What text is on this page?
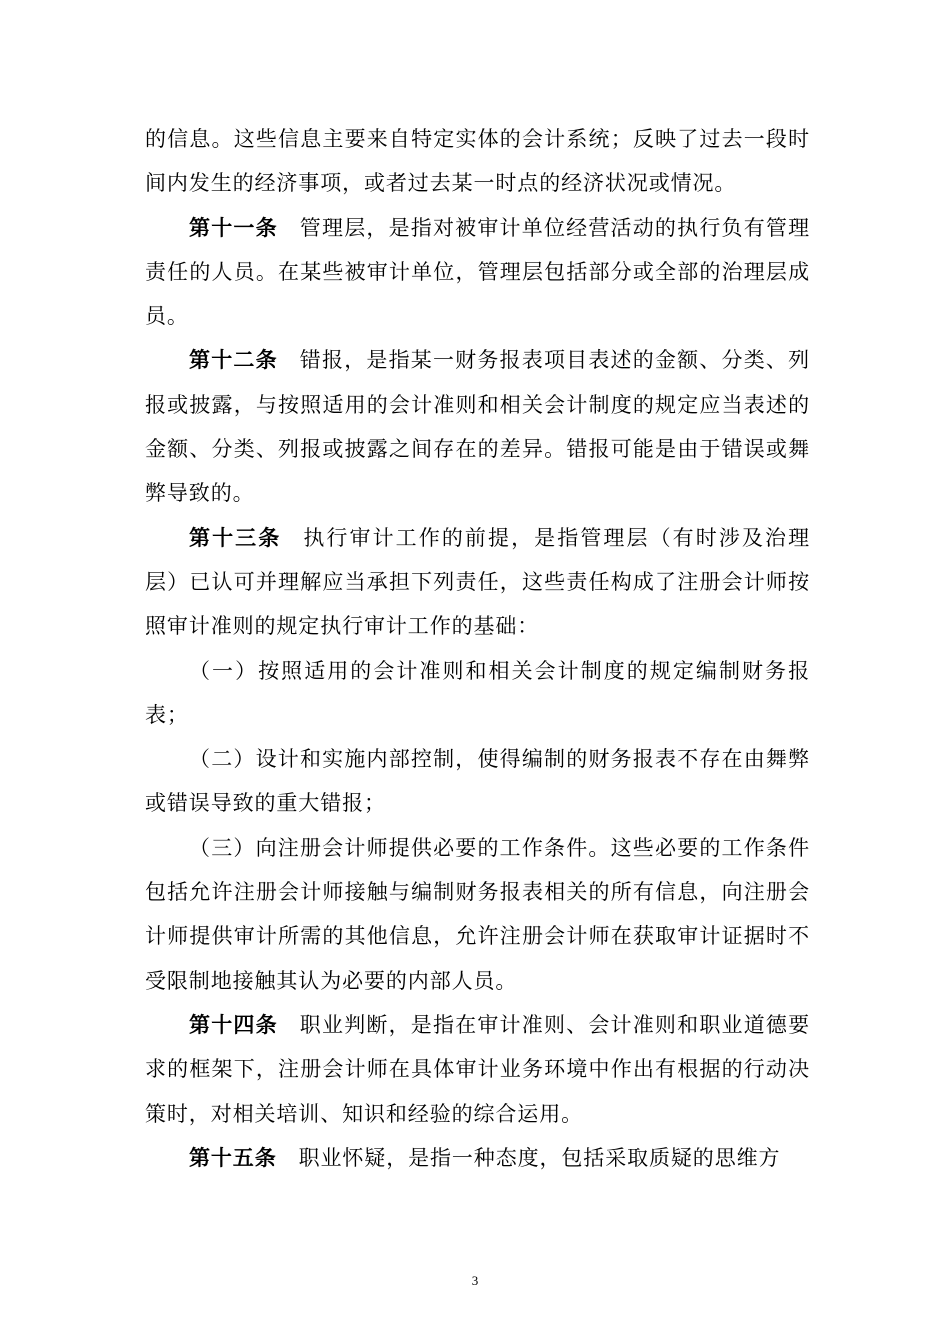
的信息。这些信息主要来自特定实体的会计系统；反映了过去一段时间内发生的经济事项，或者过去某一时点的经济状况或情况。

第十一条 管理层，是指对被审计单位经营活动的执行负有管理责任的人员。在某些被审计单位，管理层包括部分或全部的治理层成员。

第十二条 错报，是指某一财务报表项目表述的金额、分类、列报或披露，与按照适用的会计准则和相关会计制度的规定应当表述的金额、分类、列报或披露之间存在的差异。错报可能是由于错误或舞弊导致的。

第十三条 执行审计工作的前提，是指管理层（有时涉及治理层）已认可并理解应当承担下列责任，这些责任构成了注册会计师按照审计准则的规定执行审计工作的基础：

（一）按照适用的会计准则和相关会计制度的规定编制财务报表；

（二）设计和实施内部控制，使得编制的财务报表不存在由舞弊或错误导致的重大错报；

（三）向注册会计师提供必要的工作条件。这些必要的工作条件包括允许注册会计师接触与编制财务报表相关的所有信息，向注册会计师提供审计所需的其他信息，允许注册会计师在获取审计证据时不受限制地接触其认为必要的内部人员。

第十四条 职业判断，是指在审计准则、会计准则和职业道德要求的框架下，注册会计师在具体审计业务环境中作出有根据的行动决策时，对相关培训、知识和经验的综合运用。

第十五条 职业怀疑，是指一种态度，包括采取质疑的思维方

3
